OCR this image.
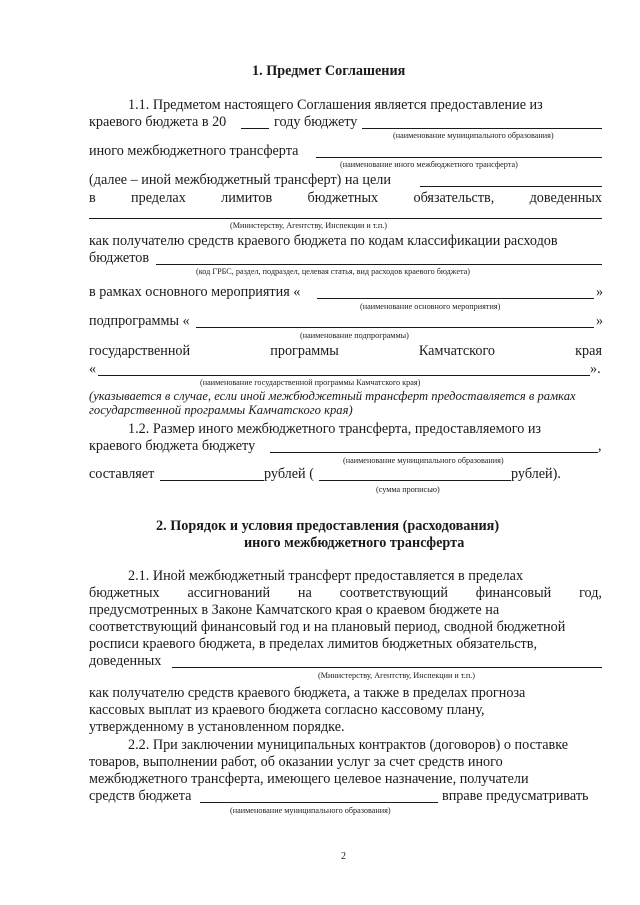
1. Предмет Соглашения
1.1. Предметом настоящего Соглашения является предоставление из
краевого бюджета в 20	году бюджету
(наименование муниципального образования)
иного межбюджетного трансферта
(наименование иного межбюджетного трансферта)
(далее – иной межбюджетный трансферт) на цели
в пределах лимитов бюджетных обязательств, доведенных
(Министерству, Агентству, Инспекции и т.п.)
как получателю средств краевого бюджета по кодам классификации расходов
бюджетов
(код ГРБС, раздел, подраздел, целевая статья, вид расходов краевого бюджета)
в рамках основного мероприятия «	»
(наименование основного мероприятия)
подпрограммы «	»
(наименование подпрограммы)
государственной	программы	Камчатского	края
«	».
(наименование государственной программы Камчатского края)
(указывается в случае, если иной межбюджетный трансферт предоставляется в рамках
государственной программы Камчатского края)
1.2. Размер иного межбюджетного трансферта, предоставляемого из
краевого бюджета бюджету	,
(наименование муниципального образования)
составляет	рублей (	рублей).
(сумма прописью)
2. Порядок и условия предоставления (расходования)
иного межбюджетного трансферта
2.1. Иной межбюджетный трансферт предоставляется в пределах
бюджетных ассигнований на соответствующий финансовый год,
предусмотренных в Законе Камчатского края о краевом бюджете на
соответствующий финансовый год и на плановый период, сводной бюджетной
росписи краевого бюджета, в пределах лимитов бюджетных обязательств,
доведенных
(Министерству, Агентству, Инспекции и т.п.)
как получателю средств краевого бюджета, а также в пределах прогноза
кассовых выплат из краевого бюджета согласно кассовому плану,
утвержденному в установленном порядке.
2.2. При заключении муниципальных контрактов (договоров) о поставке
товаров, выполнении работ, об оказании услуг за счет средств иного
межбюджетного трансферта, имеющего целевое назначение, получатели
средств бюджета	вправе предусматривать
(наименование муниципального образования)
2
